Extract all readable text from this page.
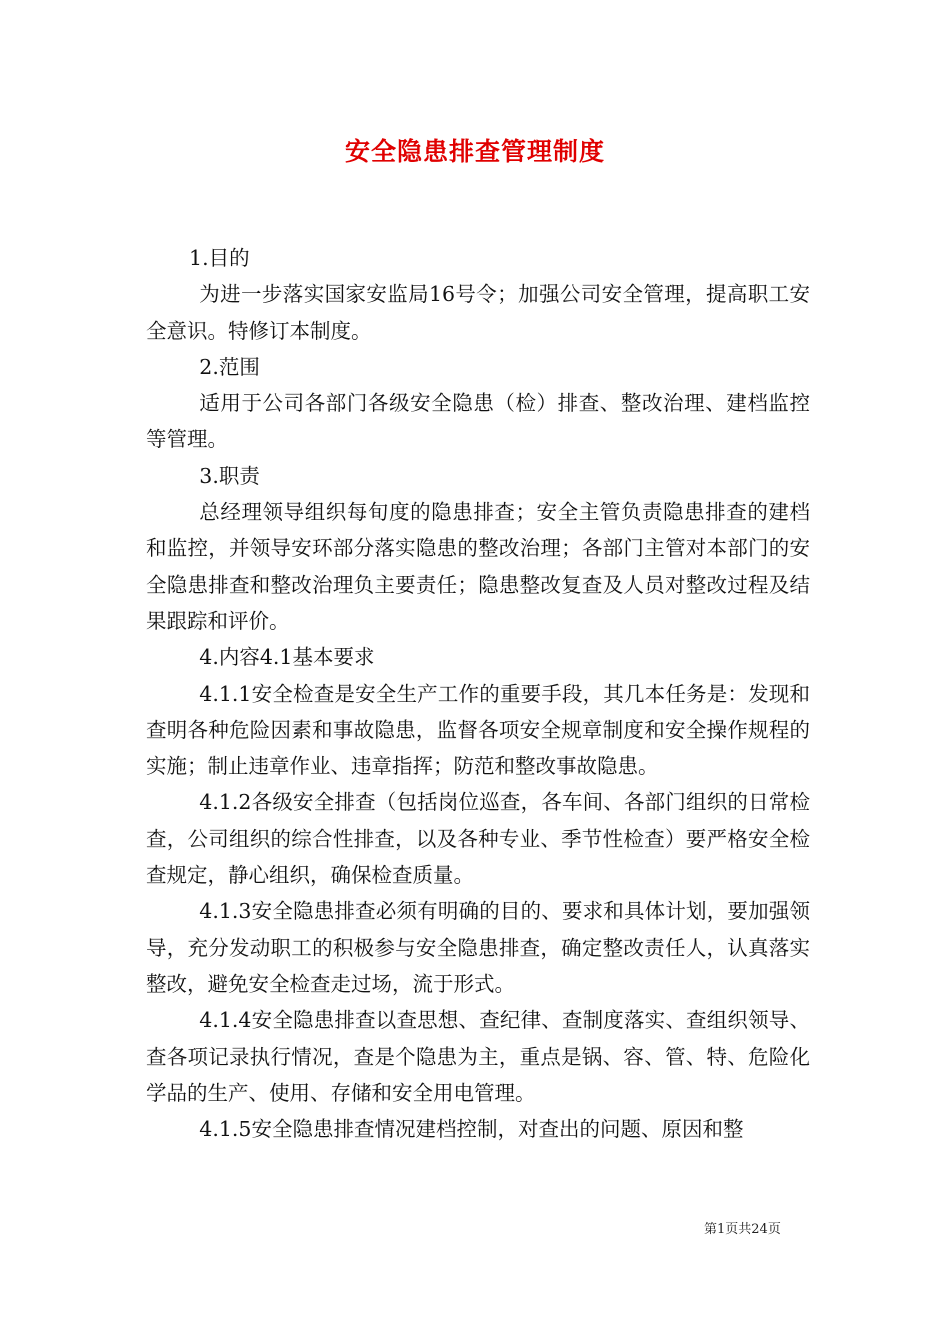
安全隐患排查管理制度

1.目的

为进一步落实国家安监局16号令；加强公司安全管理，提高职工安全意识。特修订本制度。

2.范围

适用于公司各部门各级安全隐患（检）排查、整改治理、建档监控等管理。

3.职责

总经理领导组织每旬度的隐患排查；安全主管负责隐患排查的建档和监控，并领导安环部分落实隐患的整改治理；各部门主管对本部门的安全隐患排查和整改治理负主要责任；隐患整改复查及人员对整改过程及结果跟踪和评价。

4.内容4.1基本要求

4.1.1安全检查是安全生产工作的重要手段，其几本任务是：发现和查明各种危险因素和事故隐患，监督各项安全规章制度和安全操作规程的实施；制止违章作业、违章指挥；防范和整改事故隐患。

4.1.2各级安全排查（包括岗位巡查，各车间、各部门组织的日常检查，公司组织的综合性排查，以及各种专业、季节性检查）要严格安全检查规定，静心组织，确保检查质量。

4.1.3安全隐患排查必须有明确的目的、要求和具体计划，要加强领导，充分发动职工的积极参与安全隐患排查，确定整改责任人，认真落实整改，避免安全检查走过场，流于形式。

4.1.4安全隐患排查以查思想、查纪律、查制度落实、查组织领导、查各项记录执行情况，查是个隐患为主，重点是锅、容、管、特、危险化学品的生产、使用、存储和安全用电管理。

4.1.5安全隐患排查情况建档控制，对查出的问题、原因和整

第1页共24页
